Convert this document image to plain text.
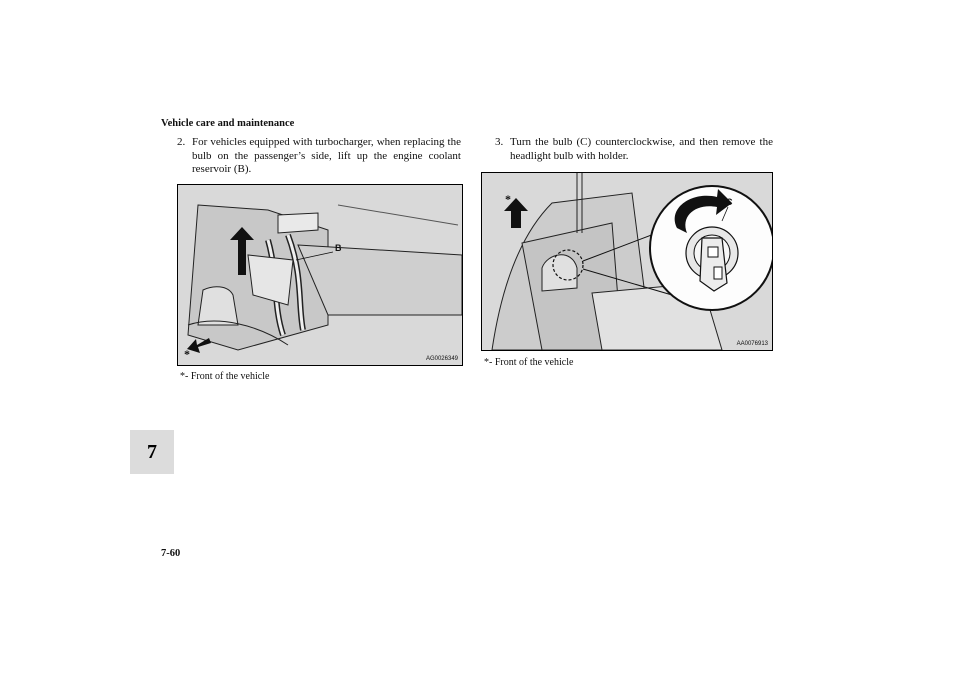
Vehicle care and maintenance
2. For vehicles equipped with turbocharger, when replacing the bulb on the passenger’s side, lift up the engine coolant reservoir (B).
3. Turn the bulb (C) counterclockwise, and then remove the headlight bulb with holder.
B
*	AG0026349
*- Front of the vehicle
C
*
AA0076913
*- Front of the vehicle
7
7-60
